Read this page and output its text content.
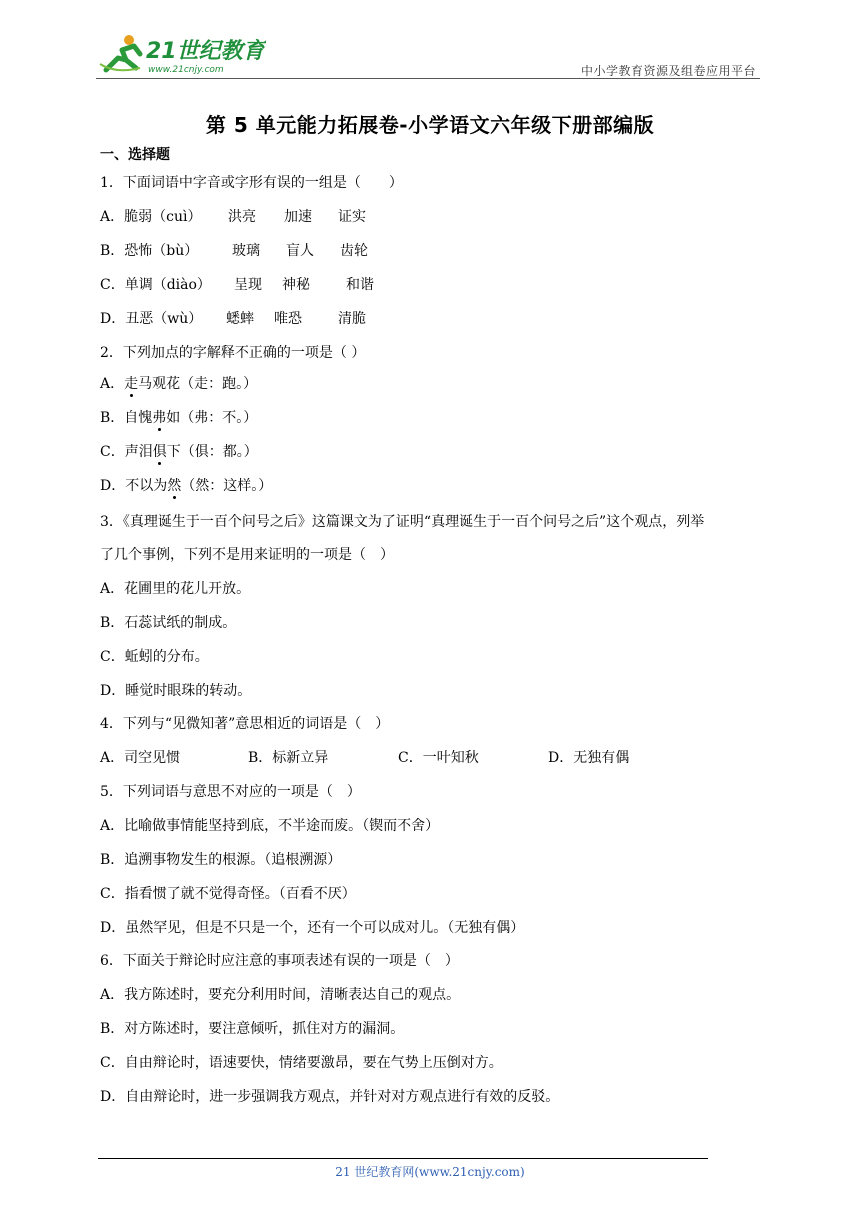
21世纪教育
www.21cnjy.com	中小学教育资源及组卷应用平台
第 5 单元能力拓展卷-小学语文六年级下册部编版
一、选择题
1．下面词语中字音或字形有误的一组是（　　）
A．脆弱（cuì） 洪亮 加速 证实
B．恐怖（bù） 玻璃 盲人 齿轮
C．单调（diào） 呈现 神秘	和谐
D．丑恶（wù） 蟋蟀 唯恐	清脆
2．下列加点的字解释不正确的一项是（ ）
A．走马观花（走：跑。）
B．自愧弗如（弗：不。）
C．声泪俱下（俱：都。）
D．不以为然（然：这样。）
3．《真理诞生于一百个问号之后》这篇课文为了证明“真理诞生于一百个问号之后”这个观点，列举
了几个事例，下列不是用来证明的一项是（　）
A．花圃里的花儿开放。
B．石蕊试纸的制成。
C．蚯蚓的分布。
D．睡觉时眼珠的转动。
4．下列与“见微知著”意思相近的词语是（　）
A．司空见惯	B．标新立异	C．一叶知秋	D．无独有偶
5．下列词语与意思不对应的一项是（　）
A．比喻做事情能坚持到底，不半途而废。（锲而不舍）
B．追溯事物发生的根源。（追根溯源）
C．指看惯了就不觉得奇怪。（百看不厌）
D．虽然罕见，但是不只是一个，还有一个可以成对儿。（无独有偶）
6．下面关于辩论时应注意的事项表述有误的一项是（　）
A．我方陈述时，要充分利用时间，清晰表达自己的观点。
B．对方陈述时，要注意倾听，抓住对方的漏洞。
C．自由辩论时，语速要快，情绪要激昂，要在气势上压倒对方。
D．自由辩论时，进一步强调我方观点，并针对对方观点进行有效的反驳。
21 世纪教育网(www.21cnjy.com)
